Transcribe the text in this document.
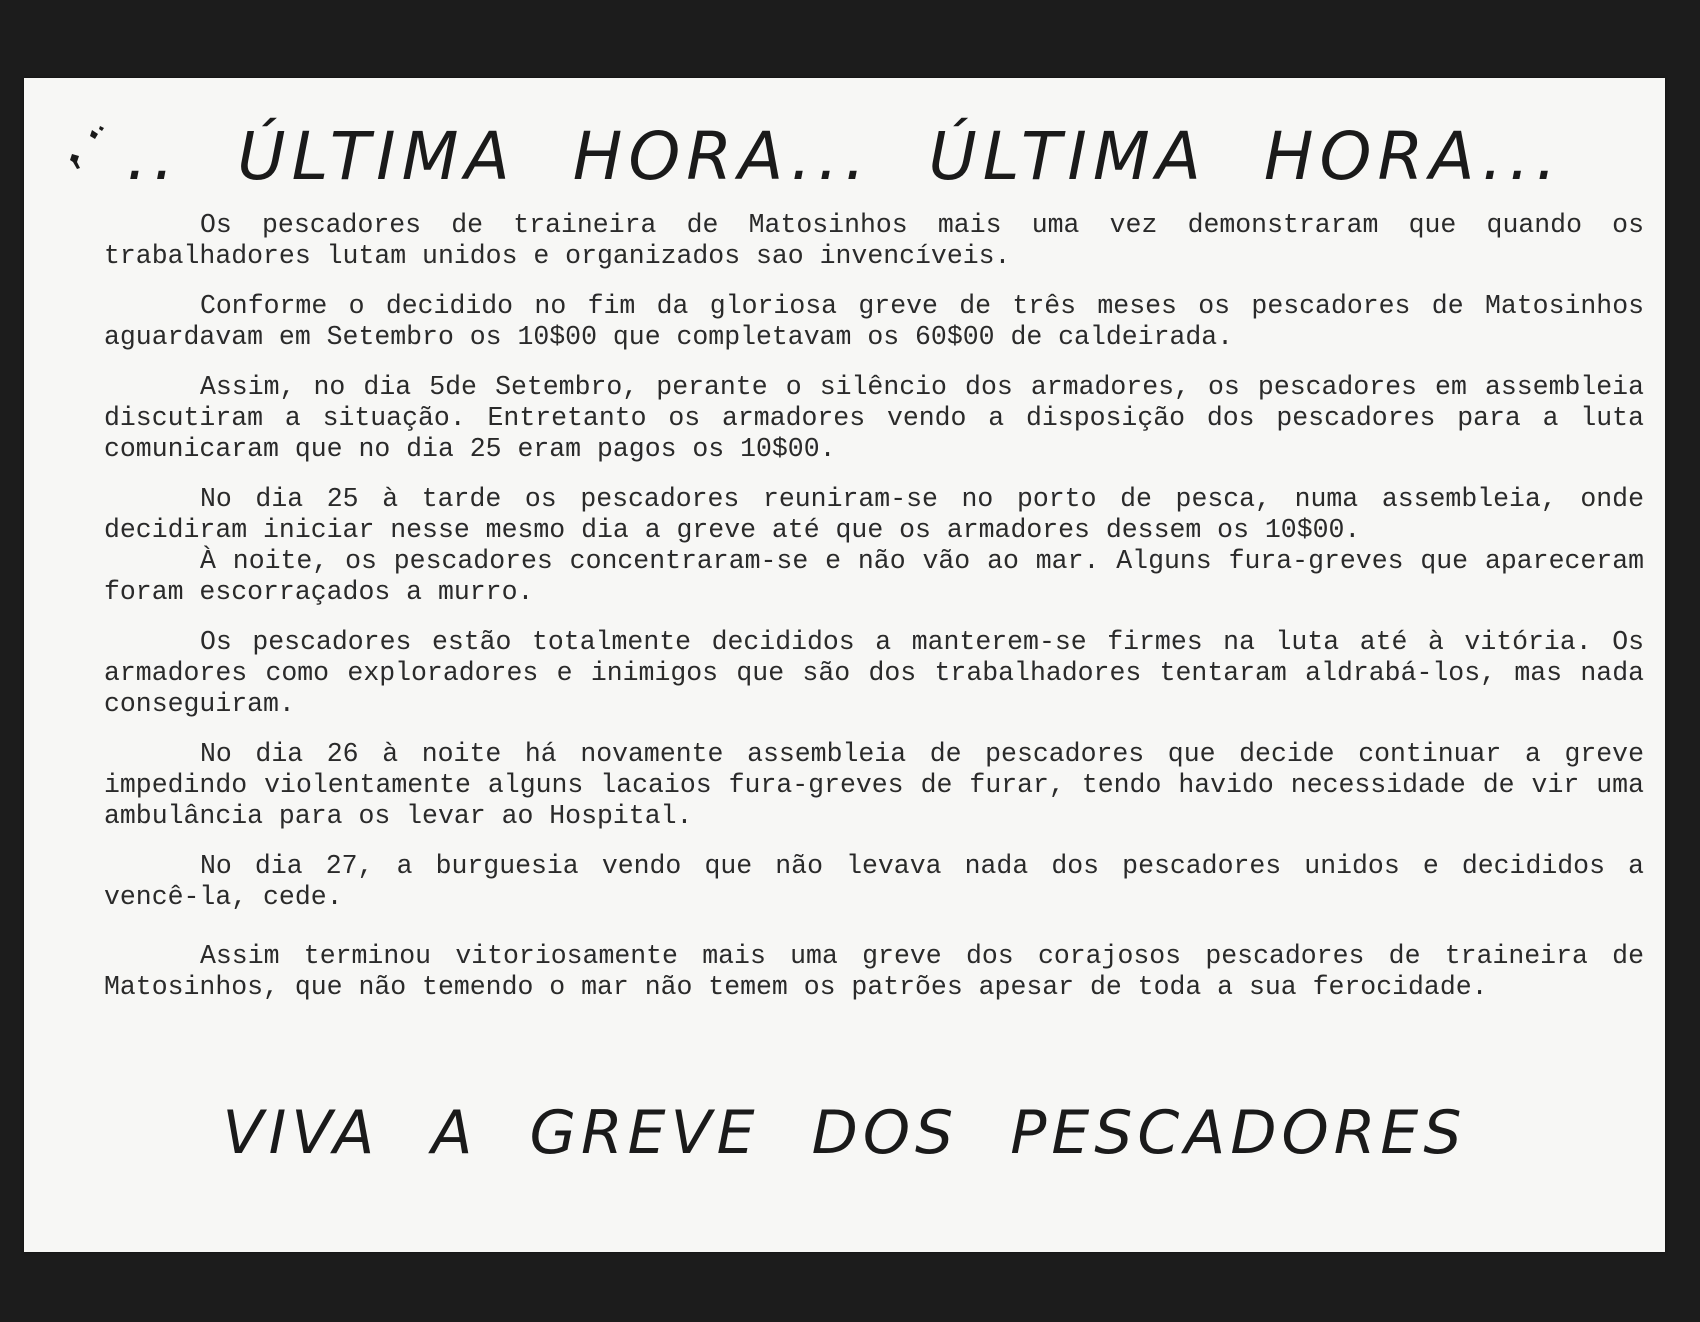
.. ÚLTIMA HORA... ÚLTIMA HORA...

Os pescadores de traineira de Matosinhos mais uma vez demonstraram que quando os trabalhadores lutam unidos e organizados sao invencíveis.

Conforme o decidido no fim da gloriosa greve de três meses os pescadores de Matosinhos aguardavam em Setembro os 10$00 que completavam os 60$00 de caldeirada.

Assim, no dia 5de Setembro, perante o silêncio dos armadores, os pescadores em assembleia discutiram a situação. Entretanto os armadores vendo a disposição dos pescadores para a luta comunicaram que no dia 25 eram pagos os 10$00.

No dia 25 à tarde os pescadores reuniram-se no porto de pesca, numa assembleia, onde decidiram iniciar nesse mesmo dia a greve até que os armadores dessem os 10$00.

À noite, os pescadores concentraram-se e não vão ao mar. Alguns fura-greves que apareceram foram escorraçados a murro.

Os pescadores estão totalmente decididos a manterem-se firmes na luta até à vitória. Os armadores como exploradores e inimigos que são dos trabalhadores tentaram aldrabá-los, mas nada conseguiram.

No dia 26 à noite há novamente assembleia de pescadores que decide continuar a greve impedindo violentamente alguns lacaios fura-greves de furar, tendo havido necessidade de vir uma ambulância para os levar ao Hospital.

No dia 27, a burguesia vendo que não levava nada dos pescadores unidos e decididos a vencê-la, cede.

Assim terminou vitoriosamente mais uma greve dos corajosos pescadores de traineira de Matosinhos, que não temendo o mar não temem os patrões apesar de toda a sua ferocidade.

VIVA A GREVE DOS PESCADORES
